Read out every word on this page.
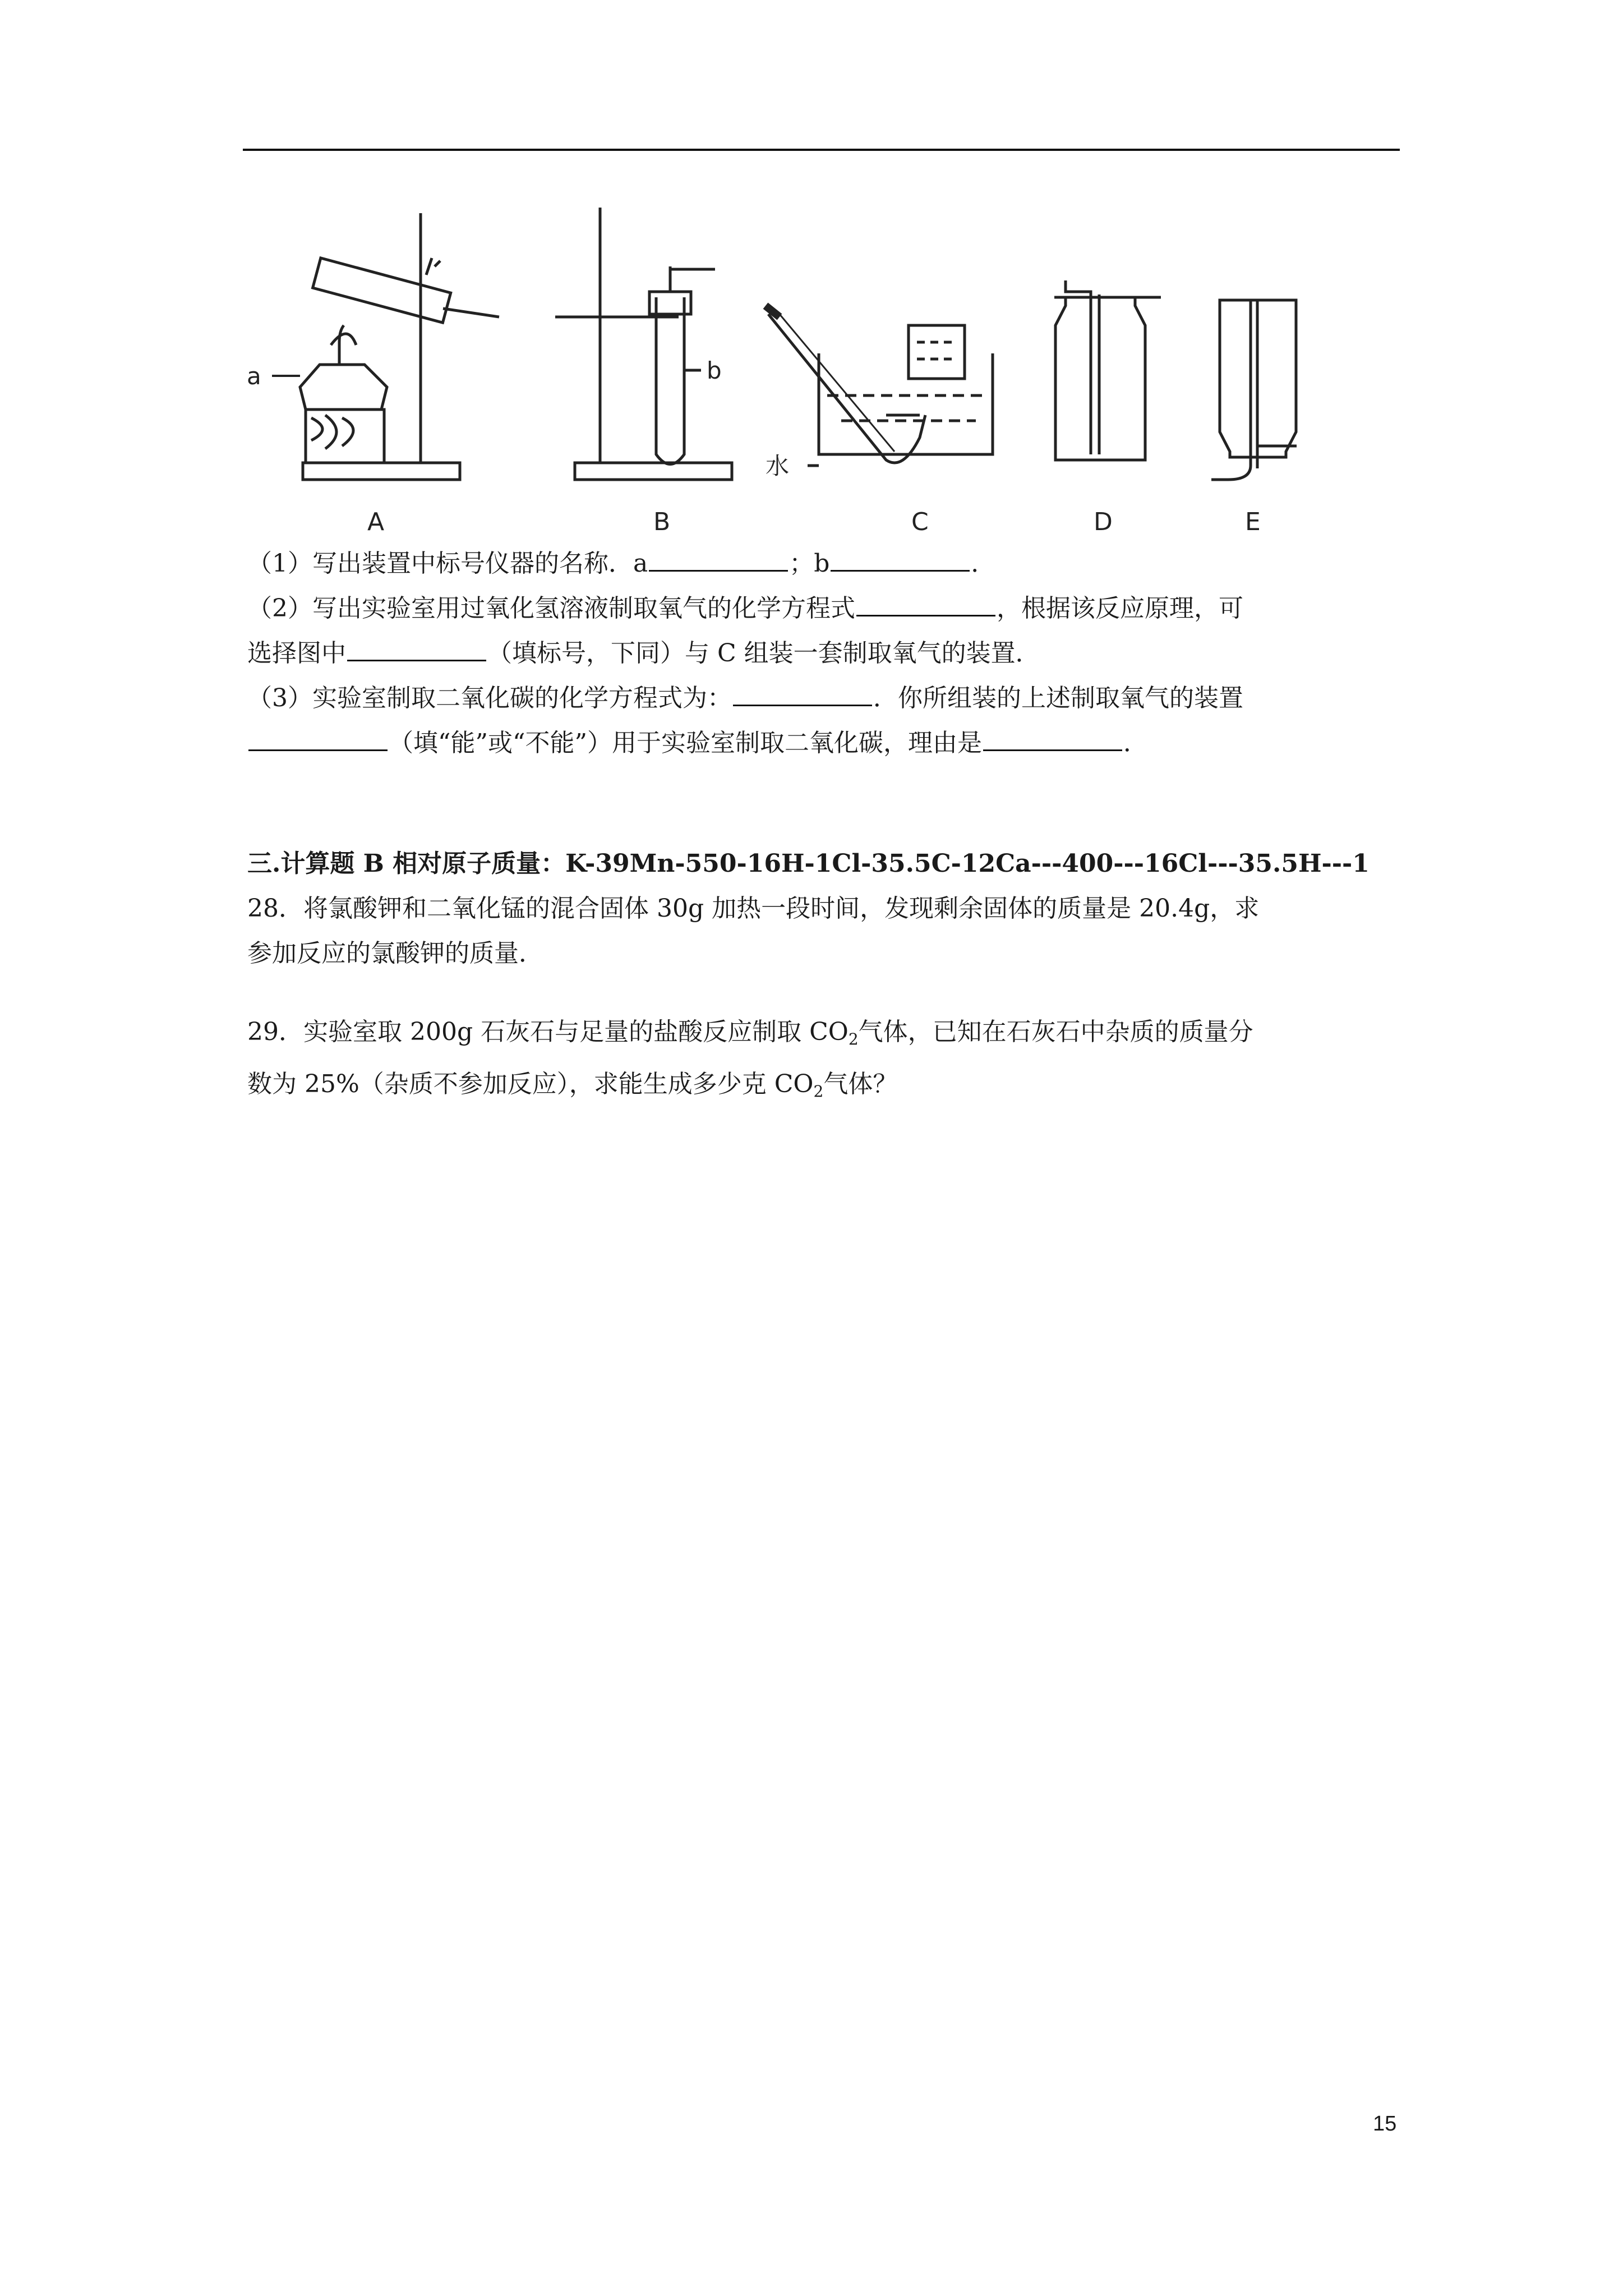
a	b
水
A	B	C	D	E

（1）写出装置中标号仪器的名称．a	；b	．

（2）写出实验室用过氧化氢溶液制取氧气的化学方程式	，根据该反应原理，可

选择图中	（填标号，下同）与 C 组装一套制取氧气的装置．

（3）实验室制取二氧化碳的化学方程式为：	．你所组装的上述制取氧气的装置

（填“能”或“不能”）用于实验室制取二氧化碳，理由是	．

三.计算题 B 相对原子质量：K-39Mn-550-16H-1Cl-35.5C-12Ca---400---16Cl---35.5H---1

28．将氯酸钾和二氧化锰的混合固体 30g 加热一段时间，发现剩余固体的质量是 20.4g，求

参加反应的氯酸钾的质量．

29．实验室取 200g 石灰石与足量的盐酸反应制取 $CO_2$气体，已知在石灰石中杂质的质量分

数为 25%（杂质不参加反应），求能生成多少克 $CO_2$气体？

15
